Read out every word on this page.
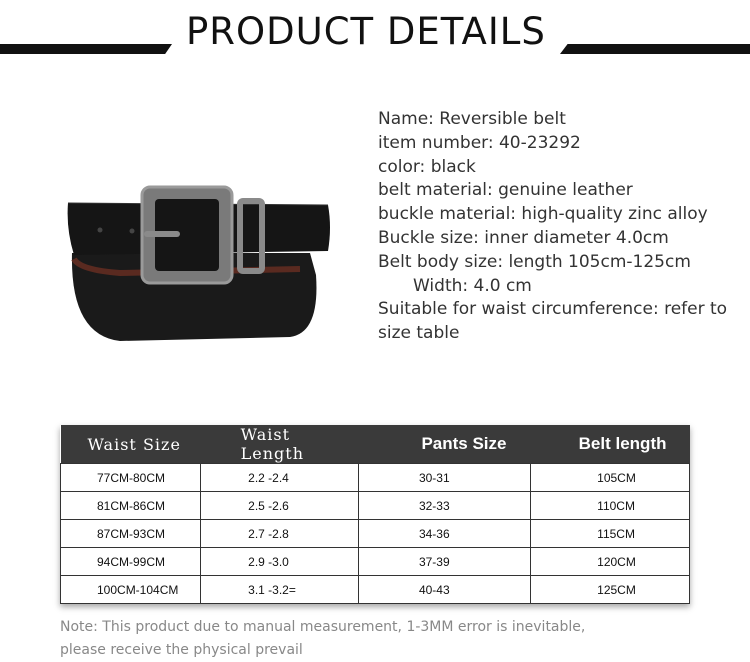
PRODUCT DETAILS
Name: Reversible belt
item number: 40-23292
color: black
belt material: genuine leather
buckle material: high-quality zinc alloy
Buckle size: inner diameter 4.0cm
Belt body size: length 105cm-125cm
Width: 4.0 cm
Suitable for waist circumference: refer to
size table
Waist Size	Waist Length	Pants Size	Belt length

77CM-80CM	2.2 -2.4	30-31	105CM

81CM-86CM	2.5 -2.6	32-33	110CM

87CM-93CM	2.7 -2.8	34-36	115CM

94CM-99CM	2.9 -3.0	37-39	120CM

100CM-104CM	3.1 -3.2=	40-43	125CM
Note: This product due to manual measurement, 1-3MM error is inevitable,
please receive the physical prevail
